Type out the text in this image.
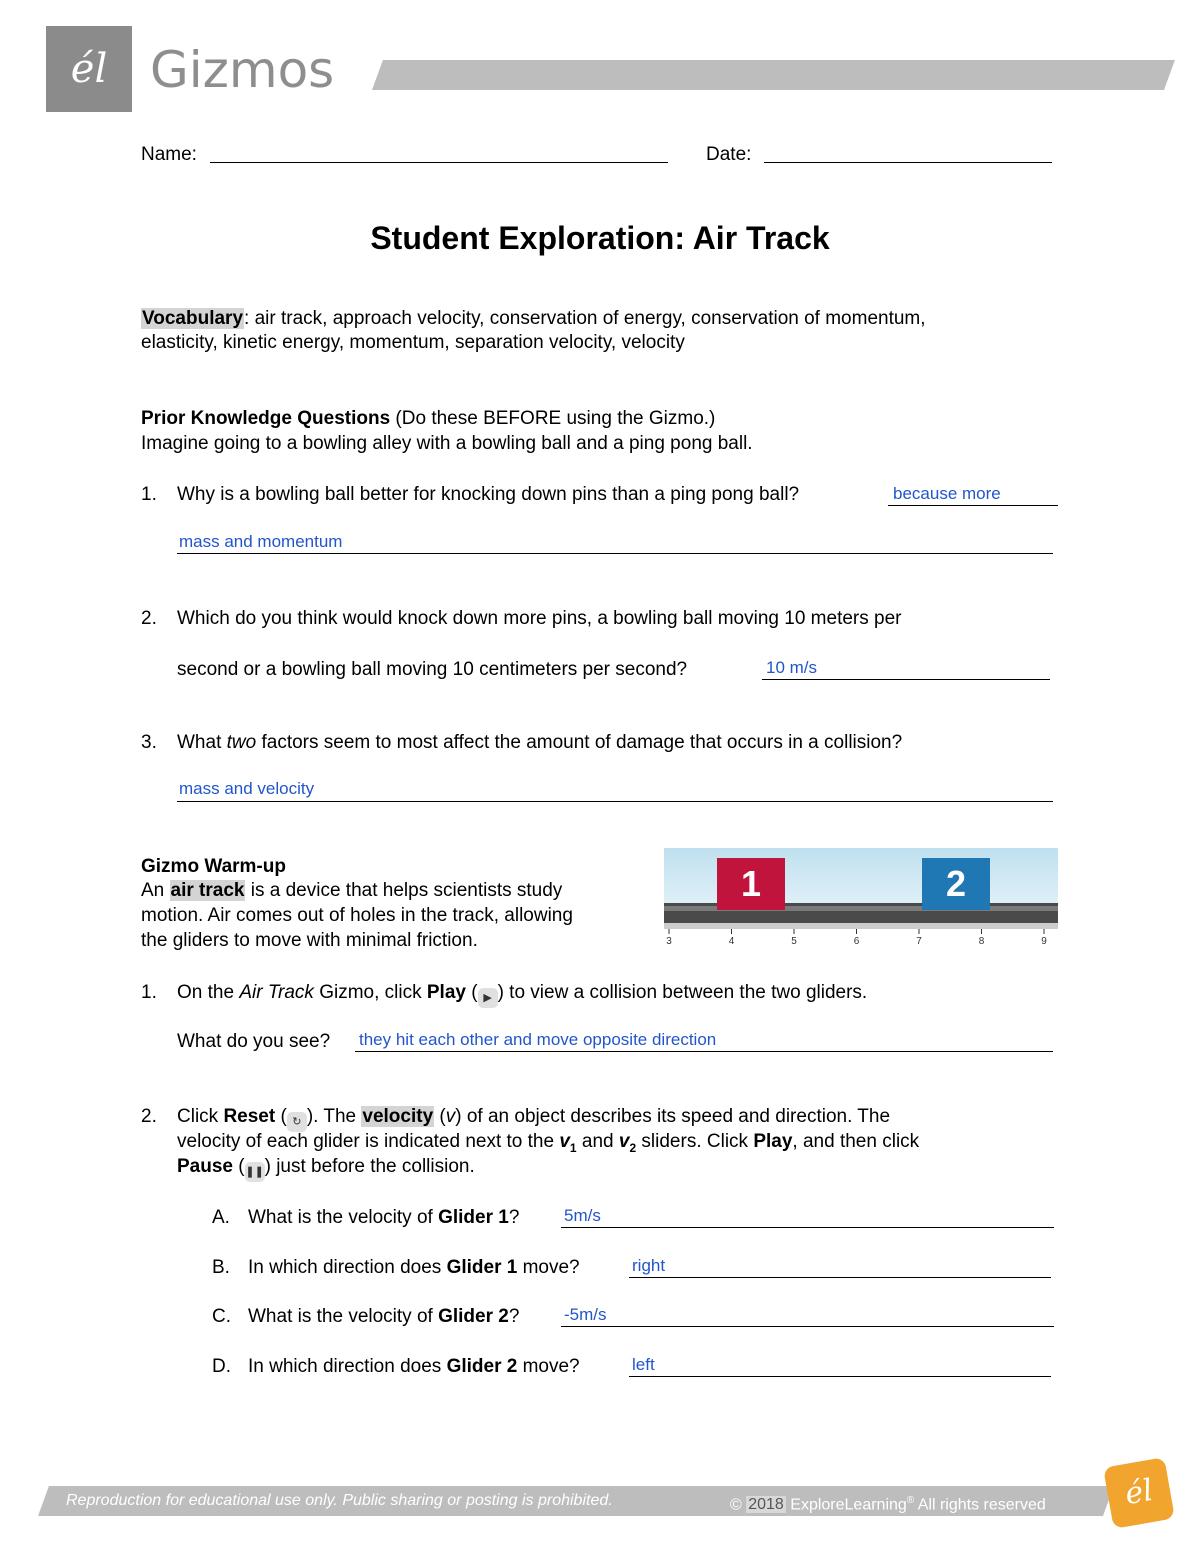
él Gizmos
Name:	Date:
Student Exploration: Air Track
Vocabulary: air track, approach velocity, conservation of energy, conservation of momentum,
elasticity, kinetic energy, momentum, separation velocity, velocity
Prior Knowledge Questions (Do these BEFORE using the Gizmo.)
Imagine going to a bowling alley with a bowling ball and a ping pong ball.
1. Why is a bowling ball better for knocking down pins than a ping pong ball?	because more
mass and momentum
2. Which do you think would knock down more pins, a bowling ball moving 10 meters per
second or a bowling ball moving 10 centimeters per second?	10 m/s
3. What two factors seem to most affect the amount of damage that occurs in a collision?
mass and velocity
Gizmo Warm-up
An air track is a device that helps scientists study
motion. Air comes out of holes in the track, allowing
the gliders to move with minimal friction.	3	4	5	6	7	8	9
1	2
1. On the Air Track Gizmo, click Play ( ▶ ) to view a collision between the two gliders.
What do you see? they hit each other and move opposite direction
2. Click Reset ( ↻ ). The velocity (v) of an object describes its speed and direction. The
velocity of each glider is indicated next to the $v_1$ and $v_2$ sliders. Click Play, and then click
Pause (❚❚) just before the collision.
A. What is the velocity of Glider 1?	5m/s
B. In which direction does Glider 1 move?	right
C. What is the velocity of Glider 2?	-5m/s
D. In which direction does Glider 2 move?	left
Reproduction for educational use only. Public sharing or posting is prohibited.	© 2018 ExploreLearning® All rights reserved	él
